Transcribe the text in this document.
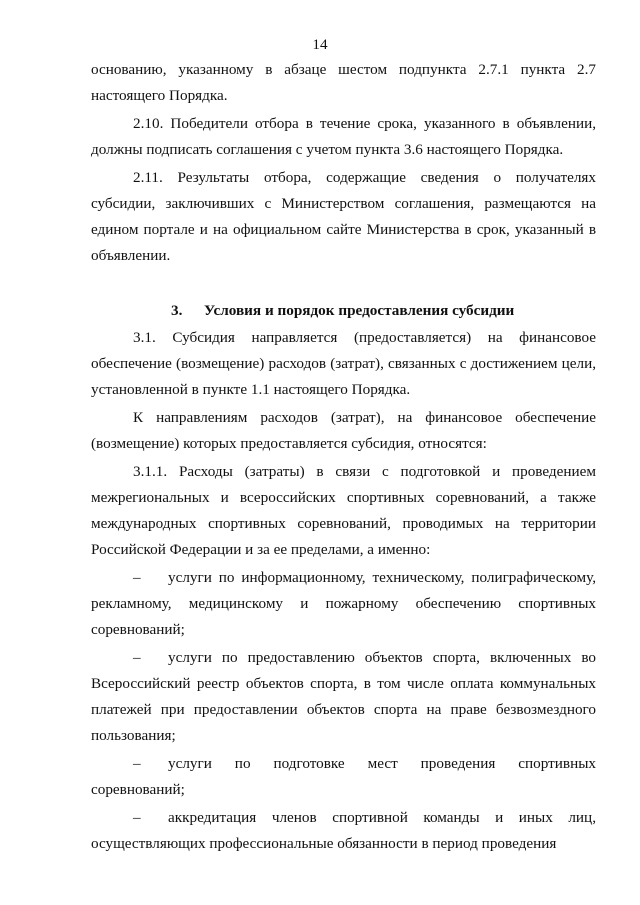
14

основанию, указанному в абзаце шестом подпункта 2.7.1 пункта 2.7 настоящего Порядка.

2.10. Победители отбора в течение срока, указанного в объявлении, должны подписать соглашения с учетом пункта 3.6 настоящего Порядка.

2.11. Результаты отбора, содержащие сведения о получателях субсидии, заключивших с Министерством соглашения, размещаются на едином портале и на официальном сайте Министерства в срок, указанный в объявлении.

3. Условия и порядок предоставления субсидии

3.1. Субсидия направляется (предоставляется) на финансовое обеспечение (возмещение) расходов (затрат), связанных с достижением цели, установленной в пункте 1.1 настоящего Порядка.

К направлениям расходов (затрат), на финансовое обеспечение (возмещение) которых предоставляется субсидия, относятся:

3.1.1. Расходы (затраты) в связи с подготовкой и проведением межрегиональных и всероссийских спортивных соревнований, а также международных спортивных соревнований, проводимых на территории Российской Федерации и за ее пределами, а именно:

– услуги по информационному, техническому, полиграфическому, рекламному, медицинскому и пожарному обеспечению спортивных соревнований;

– услуги по предоставлению объектов спорта, включенных во Всероссийский реестр объектов спорта, в том числе оплата коммунальных платежей при предоставлении объектов спорта на праве безвозмездного пользования;

– услуги по подготовке мест проведения спортивных соревнований;

– аккредитация членов спортивной команды и иных лиц, осуществляющих профессиональные обязанности в период проведения
